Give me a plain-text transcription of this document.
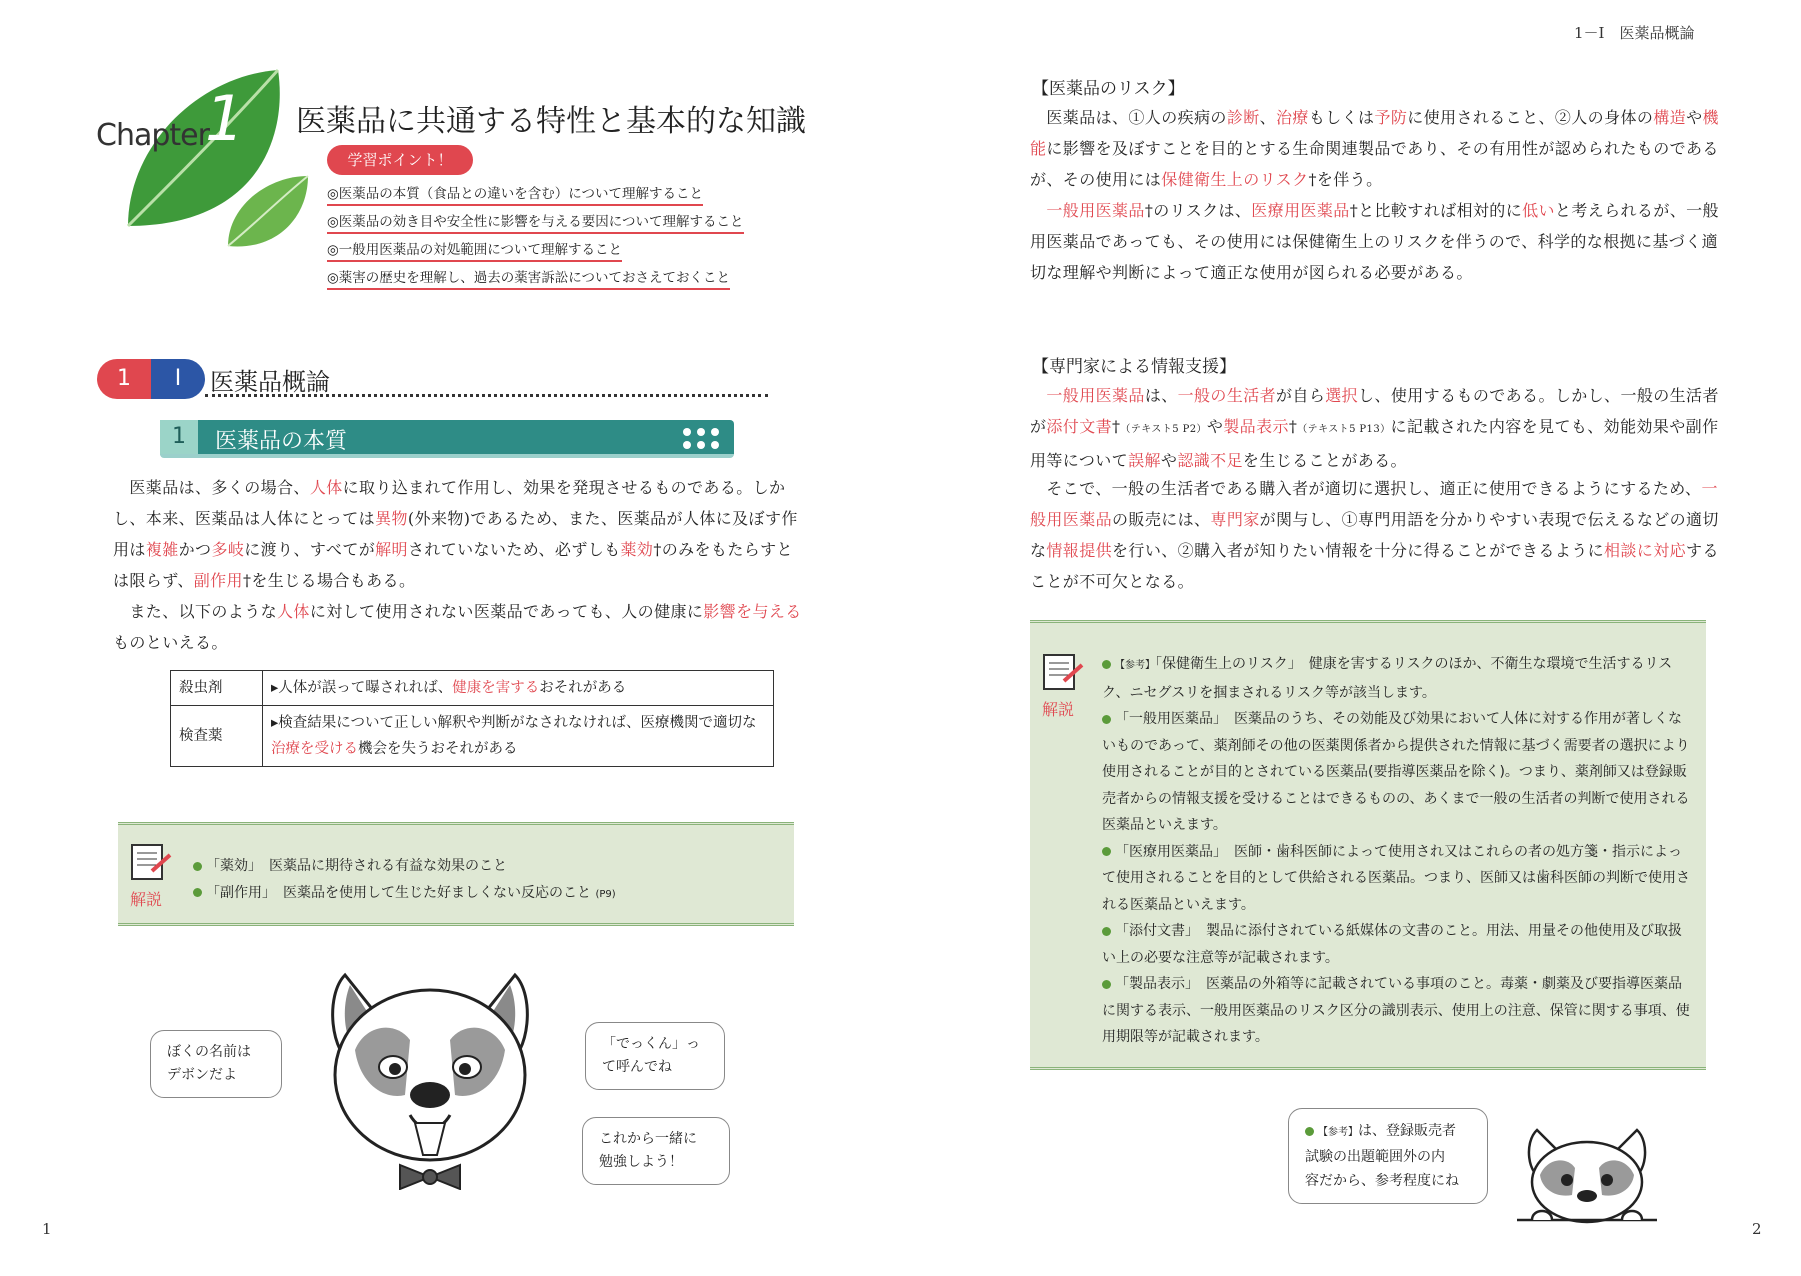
Chapter
1 医薬品に共通する特性と基本的な知識
学習ポイント！
◎医薬品の本質（食品との違いを含む）について理解すること
◎医薬品の効き目や安全性に影響を与える要因について理解すること
◎一般用医薬品の対処範囲について理解すること
◎薬害の歴史を理解し、過去の薬害訴訟についておさえておくこと
1	Ⅰ	医薬品概論
1	医薬品の本質

　医薬品は、多くの場合、人体に取り込まれて作用し、効果を発現させるものである。しかし、本来、医薬品は人体にとっては異物(外来物)であるため、また、医薬品が人体に及ぼす作用は複雑かつ多岐に渡り、すべてが解明されていないため、必ずしも薬効†のみをもたらすとは限らず、副作用†を生じる場合もある。

　また、以下のような人体に対して使用されない医薬品であっても、人の健康に影響を与えるものといえる。

殺虫剤	▸人体が誤って曝されれば、健康を害するおそれがある
検査薬	▸検査結果について正しい解釈や判断がなされなければ、医療機関で適切な治療を受ける機会を失うおそれがある
解説
「薬効」　 医薬品に期待される有益な効果のこと
「副作用」　 医薬品を使用して生じた好ましくない反応のこと (P9)
ぼくの名前は
デボンだよ
「でっくん」っ
て呼んでね
これから一緒に
勉強しよう！
1
1－Ⅰ　医薬品概論
【医薬品のリスク】

　医薬品は、①人の疾病の診断、治療もしくは予防に使用されること、②人の身体の構造や機能に影響を及ぼすことを目的とする生命関連製品であり、その有用性が認められたものであるが、その使用には保健衛生上のリスク†を伴う。

　一般用医薬品†のリスクは、医療用医薬品†と比較すれば相対的に低いと考えられるが、一般用医薬品であっても、その使用には保健衛生上のリスクを伴うので、科学的な根拠に基づく適切な理解や判断によって適正な使用が図られる必要がある。

【専門家による情報支援】

　一般用医薬品は、一般の生活者が自ら選択し、使用するものである。しかし、一般の生活者が添付文書†（テキスト5 P2）や製品表示†（テキスト5 P13）に記載された内容を見ても、効能効果や副作用等について誤解や認識不足を生じることがある。

　そこで、一般の生活者である購入者が適切に選択し、適正に使用できるようにするため、一般用医薬品の販売には、専門家が関与し、①専門用語を分かりやすい表現で伝えるなどの適切な情報提供を行い、②購入者が知りたい情報を十分に得ることができるように相談に対応することが不可欠となる。

解説
【参考】「保健衛生上のリスク」　健康を害するリスクのほか、不衛生な環境で生活するリスク、ニセグスリを掴まされるリスク等が該当します。
「一般用医薬品」　医薬品のうち、その効能及び効果において人体に対する作用が著しくないものであって、薬剤師その他の医薬関係者から提供された情報に基づく需要者の選択により使用されることが目的とされている医薬品(要指導医薬品を除く)。つまり、薬剤師又は登録販売者からの情報支援を受けることはできるものの、あくまで一般の生活者の判断で使用される医薬品といえます。
「医療用医薬品」　医師・歯科医師によって使用され又はこれらの者の処方箋・指示によって使用されることを目的として供給される医薬品。つまり、医師又は歯科医師の判断で使用される医薬品といえます。
「添付文書」　製品に添付されている紙媒体の文書のこと。用法、用量その他使用及び取扱い上の必要な注意等が記載されます。
「製品表示」　医薬品の外箱等に記載されている事項のこと。毒薬・劇薬及び要指導医薬品に関する表示、一般用医薬品のリスク区分の識別表示、使用上の注意、保管に関する事項、使用期限等が記載されます。
【参考】は、登録販売者
試験の出題範囲外の内
容だから、参考程度にね
2
